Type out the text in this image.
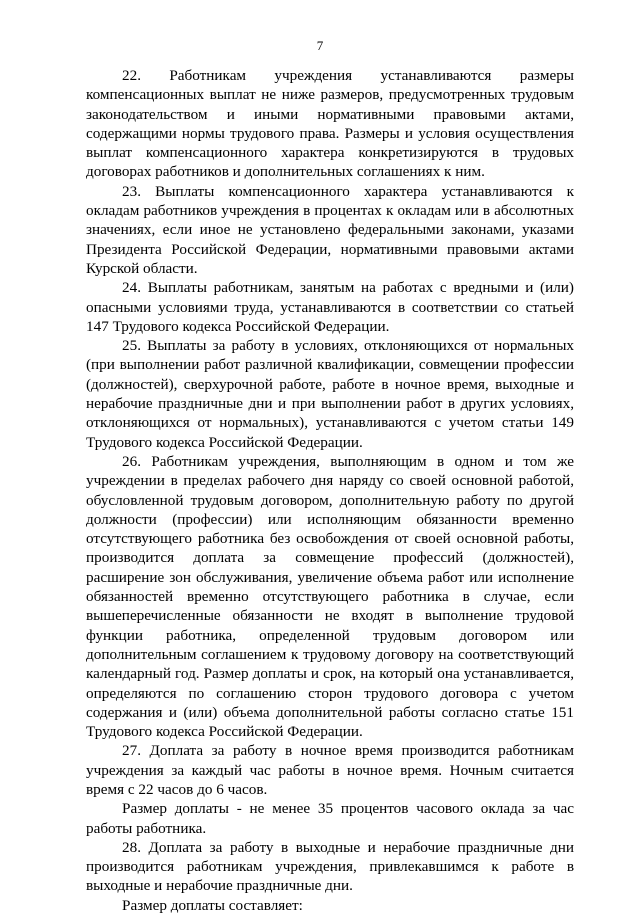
7

22. Работникам учреждения устанавливаются размеры компенсационных выплат не ниже размеров, предусмотренных трудовым законодательством и иными нормативными правовыми актами, содержащими нормы трудового права. Размеры и условия осуществления выплат компенсационного характера конкретизируются в трудовых договорах работников и дополнительных соглашениях к ним.

23. Выплаты компенсационного характера устанавливаются к окладам работников учреждения в процентах к окладам или в абсолютных значениях, если иное не установлено федеральными законами, указами Президента Российской Федерации, нормативными правовыми актами Курской области.

24. Выплаты работникам, занятым на работах с вредными и (или) опасными условиями труда, устанавливаются в соответствии со статьей 147 Трудового кодекса Российской Федерации.

25. Выплаты за работу в условиях, отклоняющихся от нормальных (при выполнении работ различной квалификации, совмещении профессии (должностей), сверхурочной работе, работе в ночное время, выходные и нерабочие праздничные дни и при выполнении работ в других условиях, отклоняющихся от нормальных), устанавливаются с учетом статьи 149 Трудового кодекса Российской Федерации.

26. Работникам учреждения, выполняющим в одном и том же учреждении в пределах рабочего дня наряду со своей основной работой, обусловленной трудовым договором, дополнительную работу по другой должности (профессии) или исполняющим обязанности временно отсутствующего работника без освобождения от своей основной работы, производится доплата за совмещение профессий (должностей), расширение зон обслуживания, увеличение объема работ или исполнение обязанностей временно отсутствующего работника в случае, если вышеперечисленные обязанности не входят в выполнение трудовой функции работника, определенной трудовым договором или дополнительным соглашением к трудовому договору на соответствующий календарный год. Размер доплаты и срок, на который она устанавливается, определяются по соглашению сторон трудового договора с учетом содержания и (или) объема дополнительной работы согласно статье 151 Трудового кодекса Российской Федерации.

27. Доплата за работу в ночное время производится работникам учреждения за каждый час работы в ночное время. Ночным считается время с 22 часов до 6 часов.

Размер доплаты - не менее 35 процентов часового оклада за час работы работника.

28. Доплата за работу в выходные и нерабочие праздничные дни производится работникам учреждения, привлекавшимся к работе в выходные и нерабочие праздничные дни.

Размер доплаты составляет:
